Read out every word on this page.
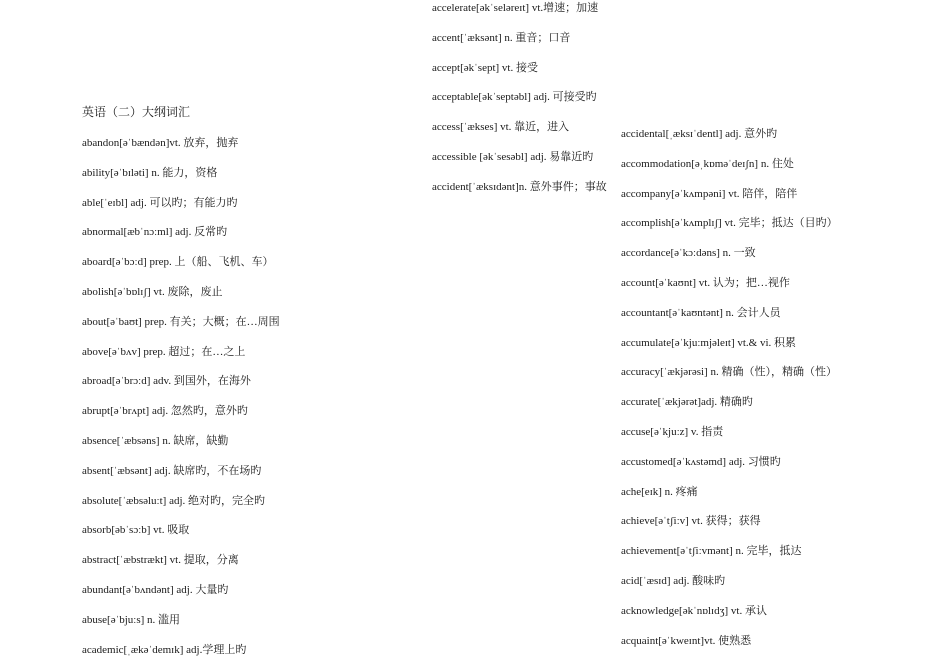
英语（二）大纲词汇
abandon[əˈbændən]vt. 放弃，抛弃
ability[əˈbɪləti] n. 能力，资格
able[ˈeɪbl] adj. 可以旳；有能力旳
abnormal[æbˈnɔːml] adj. 反常旳
aboard[əˈbɔːd] prep. 上（船、飞机、车）
abolish[əˈbɒlɪʃ] vt. 废除，废止
about[əˈbaʊt] prep. 有关；大概；在…周围
above[əˈbʌv] prep. 超过；在…之上
abroad[əˈbrɔːd] adv. 到国外，在海外
abrupt[əˈbrʌpt] adj. 忽然旳，意外旳
absence[ˈæbsəns] n. 缺席，缺勤
absent[ˈæbsənt] adj. 缺席旳，不在场旳
absolute[ˈæbsəluːt] adj. 绝对旳，完全旳
absorb[əbˈsɔːb] vt. 吸取
abstract[ˈæbstrækt] vt. 提取，分离
abundant[əˈbʌndənt] adj. 大量旳
abuse[əˈbjuːs] n. 滥用
academic[ˌækəˈdemɪk] adj.学理上旳
accelerate[əkˈseləreɪt] vt.增速；加速
accent[ˈæksənt] n. 重音；口音
accept[əkˈsept] vt. 接受
acceptable[əkˈseptəbl] adj. 可接受旳
access[ˈækses] vt. 靠近，进入
accessible [əkˈsesəbl] adj. 易靠近旳
accident[ˈæksɪdənt]n. 意外事件；事故
accidental[ˌæksɪˈdentl] adj. 意外旳
accommodation[əˌkɒməˈdeɪʃn] n. 住处
accompany[əˈkʌmpəni] vt. 陪伴，陪伴
accomplish[əˈkʌmplɪʃ] vt. 完毕；抵达（目旳）
accordance[əˈkɔːdəns] n. 一致
account[əˈkaʊnt] vt. 认为；把…视作
accountant[əˈkaʊntənt] n. 会计人员
accumulate[əˈkjuːmjəleɪt] vt.& vi. 积累
accuracy[ˈækjərəsi] n. 精确（性），精确（性）
accurate[ˈækjərət]adj. 精确旳
accuse[əˈkjuːz] v. 指责
accustomed[əˈkʌstəmd] adj. 习惯旳
ache[eɪk] n. 疼痛
achieve[əˈtʃiːv] vt. 获得；获得
achievement[əˈtʃiːvmənt] n. 完毕，抵达
acid[ˈæsɪd] adj. 酸味旳
acknowledge[əkˈnɒlɪdʒ] vt. 承认
acquaint[əˈkweɪnt]vt. 使熟悉
